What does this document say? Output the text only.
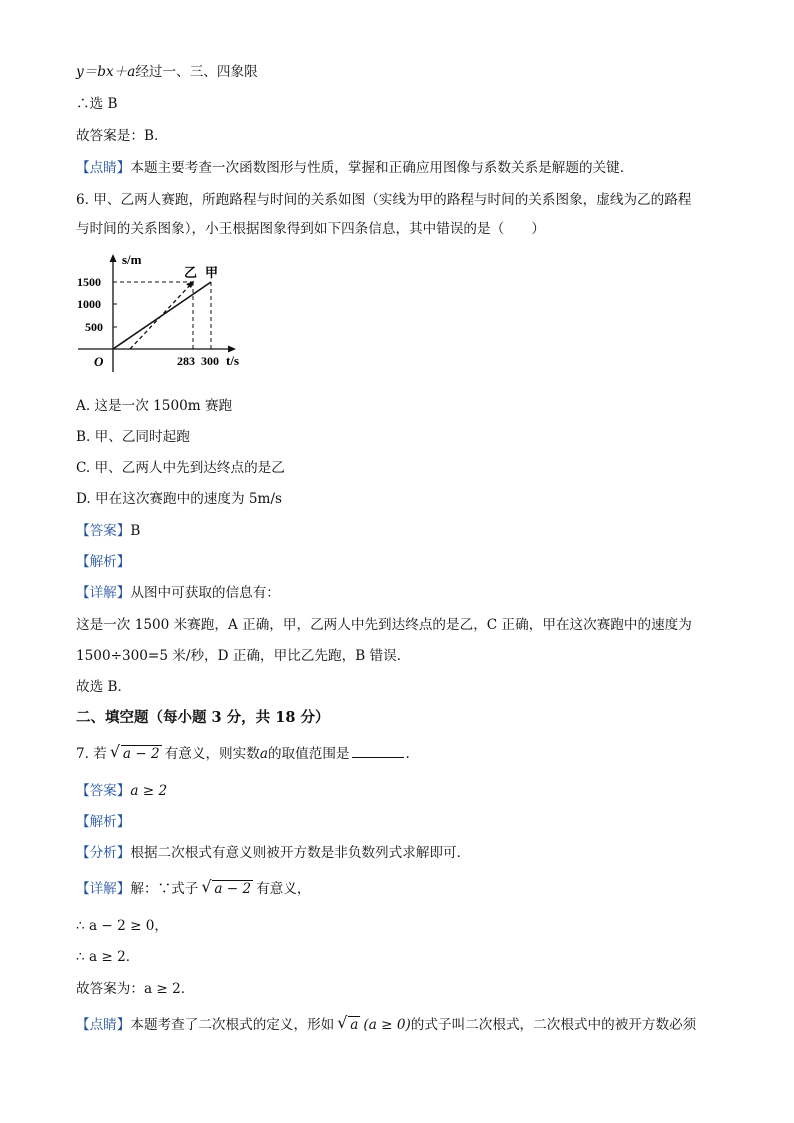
y＝bx＋a经过一、三、四象限
∴选 B
故答案是：B.
【点睛】本题主要考查一次函数图形与性质，掌握和正确应用图像与系数关系是解题的关键.
6. 甲、乙两人赛跑，所跑路程与时间的关系如图（实线为甲的路程与时间的关系图象，虚线为乙的路程
与时间的关系图象），小王根据图象得到如下四条信息，其中错误的是（　　）
s/m
t/s
O
1500
1000
500
283 300
乙 甲
A. 这是一次 1500m 赛跑
B. 甲、乙同时起跑
C. 甲、乙两人中先到达终点的是乙
D. 甲在这次赛跑中的速度为 5m/s
【答案】B
【解析】
【详解】从图中可获取的信息有：
这是一次 1500 米赛跑，A 正确，甲，乙两人中先到达终点的是乙，C 正确，甲在这次赛跑中的速度为
1500÷300=5 米/秒，D 正确，甲比乙先跑，B 错误．
故选 B．
二、填空题（每小题 3 分，共 18 分）
7. 若 √ a − 2 有意义，则实数a的取值范围是	.
【答案】a ≥ 2
【解析】
【分析】根据二次根式有意义则被开方数是非负数列式求解即可．
【详解】解：∵式子 √ a − 2 有意义，
∴ a − 2 ≥ 0，
∴ a ≥ 2．
故答案为：a ≥ 2．
【点睛】本题考查了二次根式的定义，形如 √ a (a ≥ 0)的式子叫二次根式，二次根式中的被开方数必须
